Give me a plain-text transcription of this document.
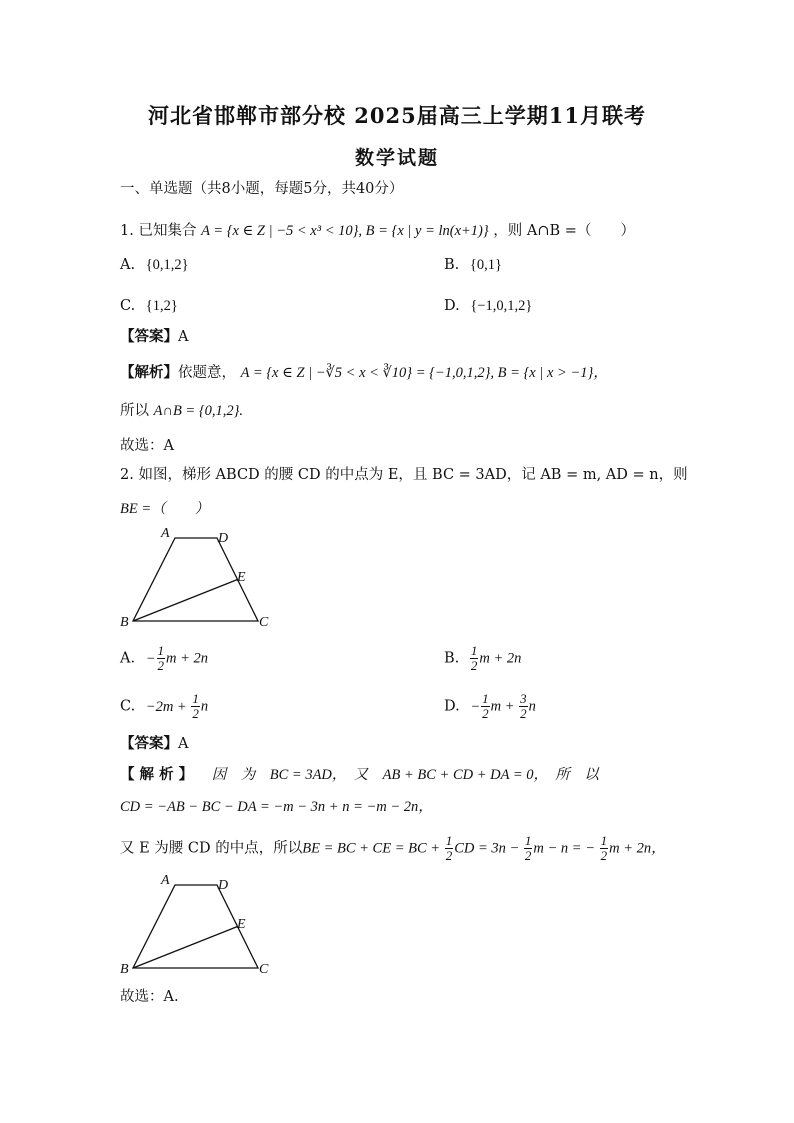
河北省邯郸市部分校 2025届高三上学期11月联考
数学试题
一、单选题（共8小题，每题5分，共40分）
1. 已知集合 A = {x ∈ Z | −5 < x³ < 10}, B = {x | y = ln(x+1)} ，则 A∩B =（　　）
A. {0,1,2}	B. {0,1}
C. {1,2}	D. {−1,0,1,2}
【答案】A
【解析】依题意， A = {x ∈ Z | −∛5 < x < ∛10} = {−1,0,1,2}, B = {x | x > −1}，
所以 A∩B = {0,1,2}.
故选：A
2. 如图，梯形 ABCD 的腰 CD 的中点为 E，且 BC = 3AD，记 AB = m, AD = n，则
BE =（　　）
A	D
E
B	C
A. − $\frac{1}{2}$ m + 2n	B. $\frac{1}{2}$ m + 2n
C. $-2m + \frac{1}{2}$ n	D. − $\frac{1}{2}$ $m + \frac{3}{2}$ n
【答案】A
【 解 析 】 因　为　BC = 3AD，　又　AB + BC + CD + DA = 0，　所　以
CD = −AB − BC − DA = −m − 3n + n = −m − 2n，
又 E 为腰 CD 的中点，所以BE = BC + CE = BC + $\frac{1}{2}$ CD = $3n - \frac{1}{2}$ m − n = − $\frac{1}{2}$ m + 2n，
A	D
E
B	C
故选：A.
